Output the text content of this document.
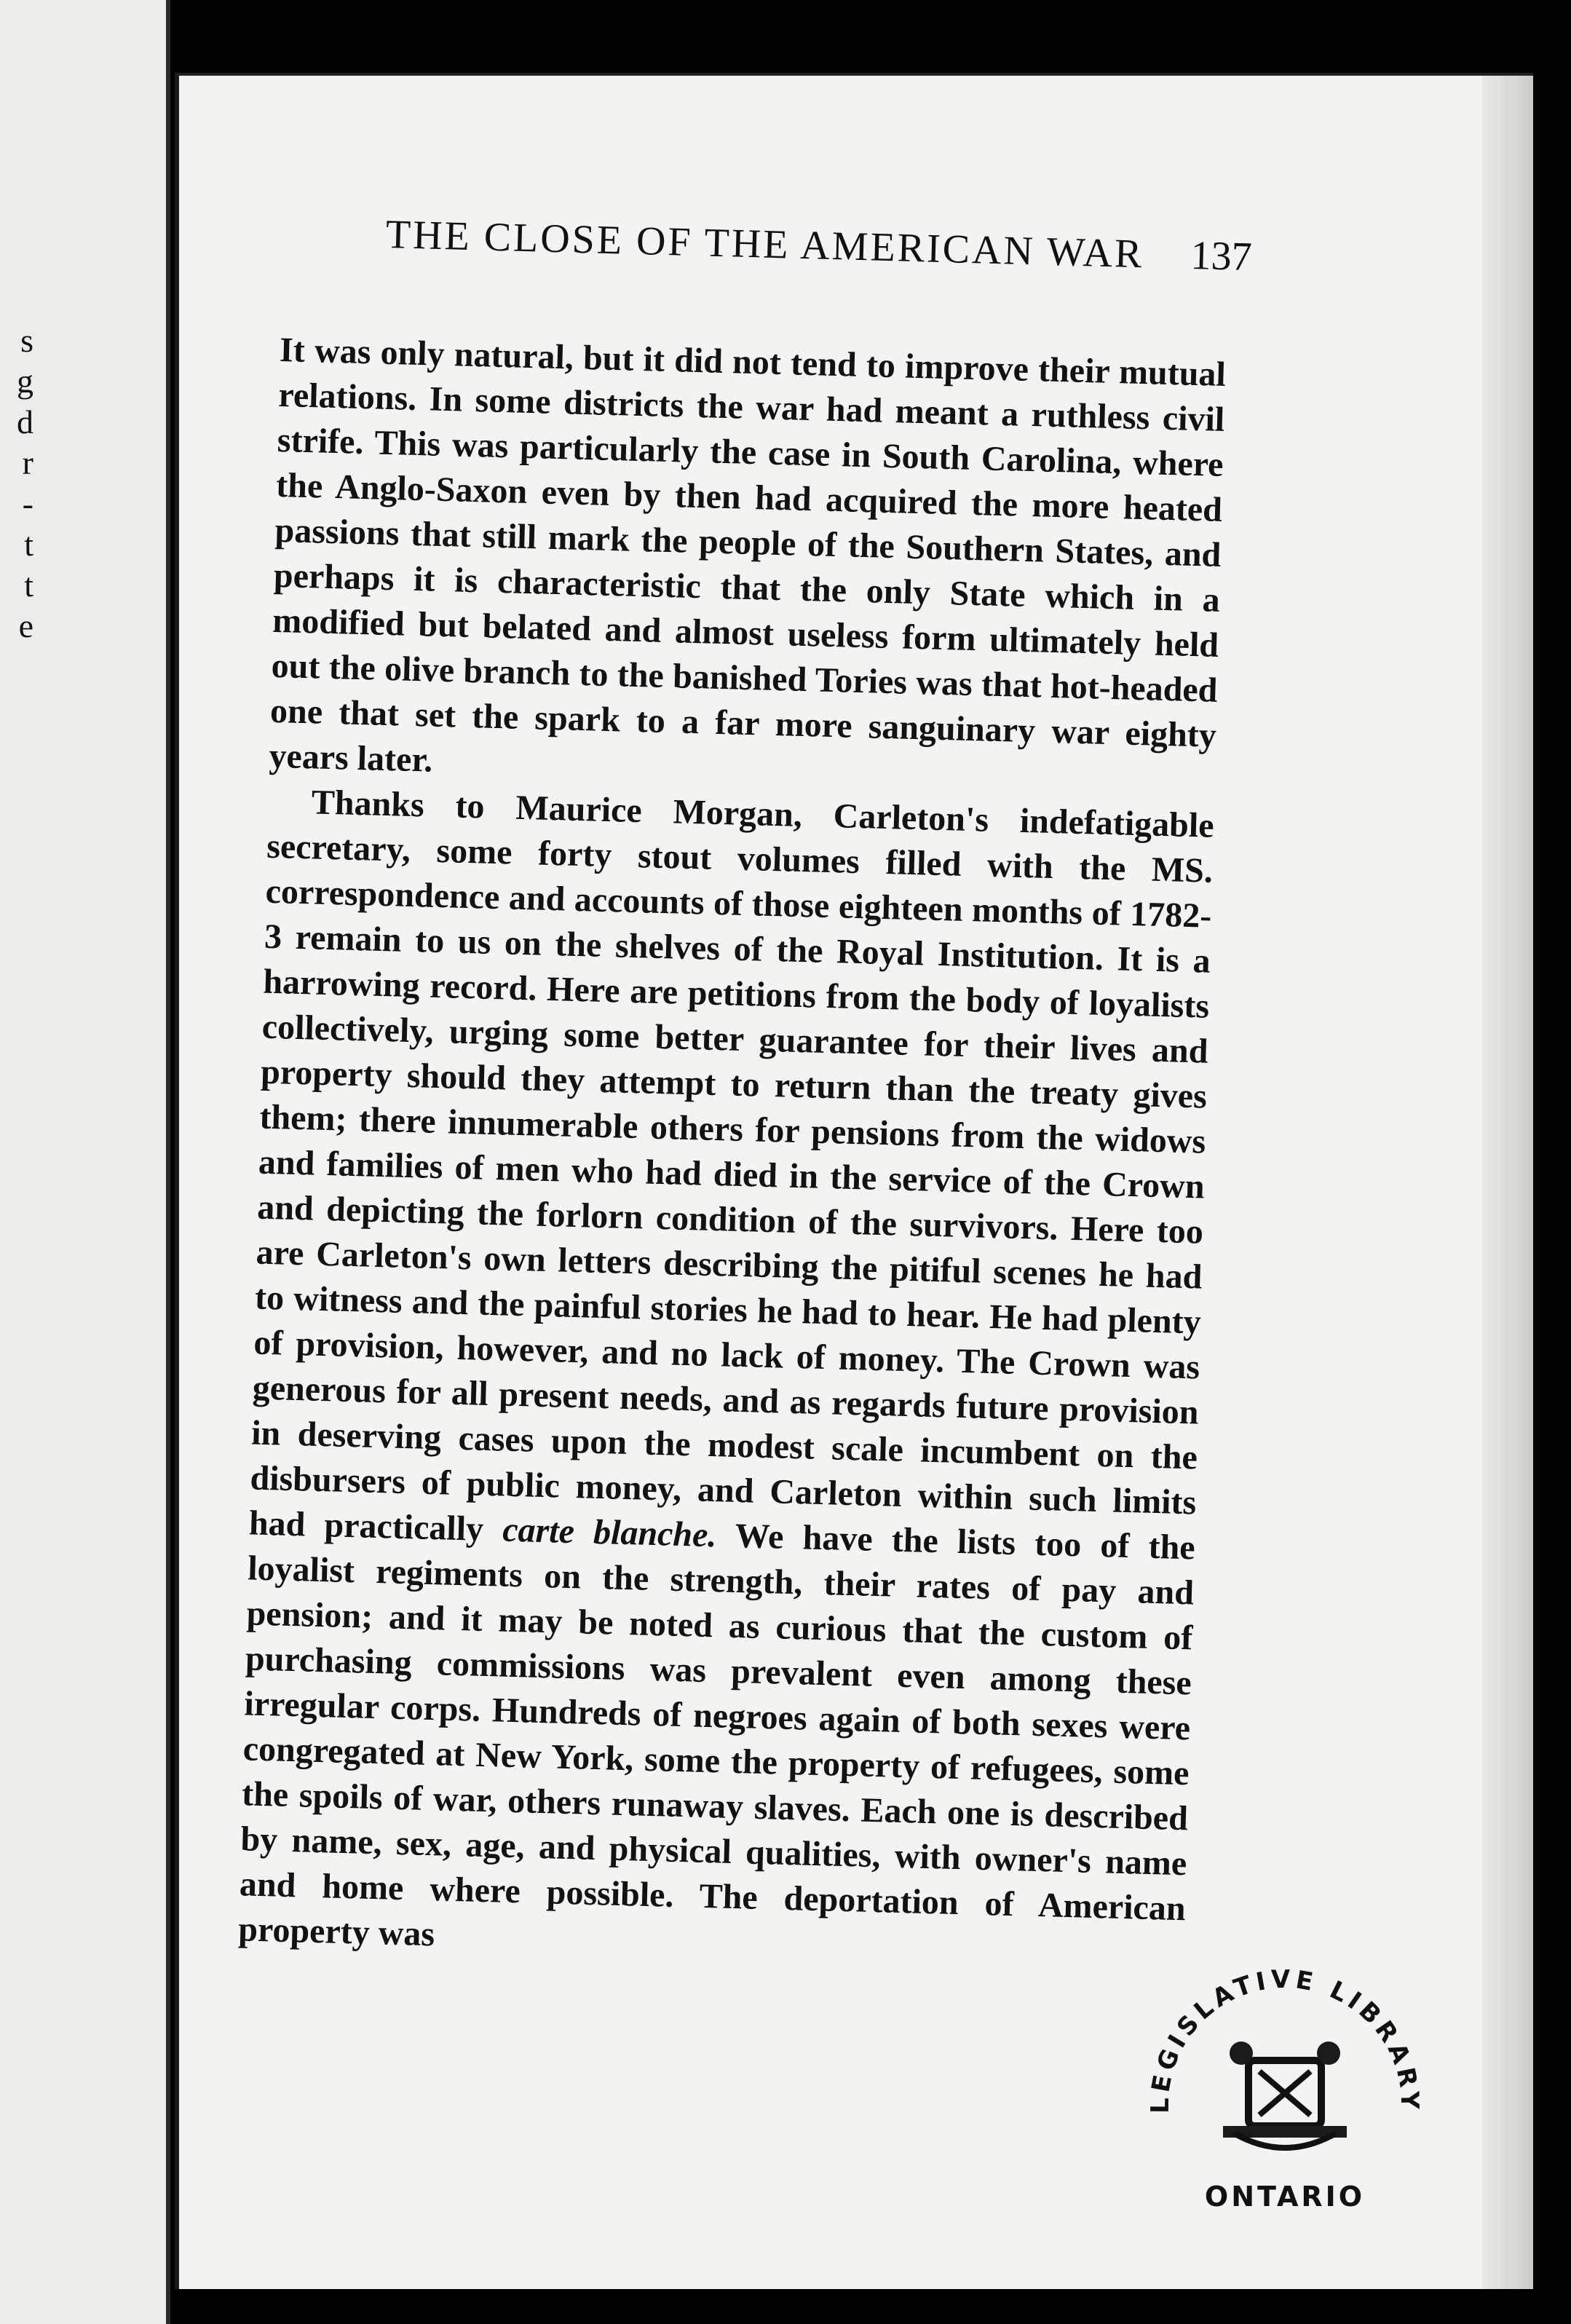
s
g
d
r
-
t
t
e
THE CLOSE OF THE AMERICAN WAR 137

It was only natural, but it did not tend to improve their mutual relations. In some districts the war had meant a ruthless civil strife. This was particularly the case in South Carolina, where the Anglo-Saxon even by then had acquired the more heated passions that still mark the people of the Southern States, and perhaps it is characteristic that the only State which in a modified but belated and almost useless form ultimately held out the olive branch to the banished Tories was that hot-headed one that set the spark to a far more sanguinary war eighty years later.

Thanks to Maurice Morgan, Carleton's indefatigable secretary, some forty stout volumes filled with the MS. correspondence and accounts of those eighteen months of 1782-3 remain to us on the shelves of the Royal Institution. It is a harrowing record. Here are petitions from the body of loyalists collectively, urging some better guarantee for their lives and property should they attempt to return than the treaty gives them; there innumerable others for pensions from the widows and families of men who had died in the service of the Crown and depicting the forlorn condition of the survivors. Here too are Carleton's own letters describing the pitiful scenes he had to witness and the painful stories he had to hear. He had plenty of provision, however, and no lack of money. The Crown was generous for all present needs, and as regards future provision in deserving cases upon the modest scale incumbent on the disbursers of public money, and Carleton within such limits had practically carte blanche. We have the lists too of the loyalist regiments on the strength, their rates of pay and pension; and it may be noted as curious that the custom of purchasing commissions was prevalent even among these irregular corps. Hundreds of negroes again of both sexes were congregated at New York, some the property of refugees, some the spoils of war, others runaway slaves. Each one is described by name, sex, age, and physical qualities, with owner's name and home where possible. The deportation of American property was

LEGISLATIVE LIBRARY
ONTARIO
